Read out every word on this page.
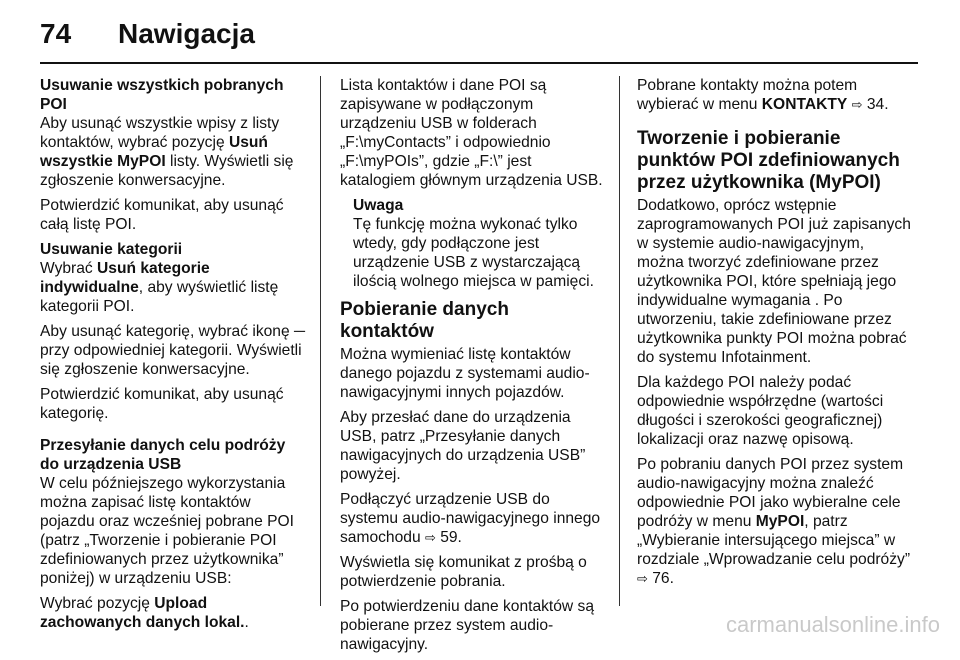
74	Nawigacja
Usuwanie wszystkich pobranych POI

Aby usunąć wszystkie wpisy z listy kontaktów, wybrać pozycję Usuń wszystkie MyPOI listy. Wyświetli się zgłoszenie konwersacyjne.

Potwierdzić komunikat, aby usunąć całą listę POI.

Usuwanie kategorii

Wybrać Usuń kategorie indywidualne, aby wyświetlić listę kategorii POI.

Aby usunąć kategorię, wybrać ikonę ─ przy odpowiedniej kategorii. Wyświetli się zgłoszenie konwersacyjne.

Potwierdzić komunikat, aby usunąć kategorię.

Przesyłanie danych celu podróży do urządzenia USB

W celu późniejszego wykorzystania można zapisać listę kontaktów pojazdu oraz wcześniej pobrane POI (patrz „Tworzenie i pobieranie POI zdefiniowanych przez użytkownika” poniżej) w urządzeniu USB:

Wybrać pozycję Upload zachowanych danych lokal..

Lista kontaktów i dane POI są zapisywane w podłączonym urządzeniu USB w folderach „F:\myContacts” i odpowiednio „F:\myPOIs”, gdzie „F:\” jest katalogiem głównym urządzenia USB.

Uwaga
Tę funkcję można wykonać tylko wtedy, gdy podłączone jest urządzenie USB z wystarczającą ilością wolnego miejsca w pamięci.
Pobieranie danych kontaktów

Można wymieniać listę kontaktów danego pojazdu z systemami audio-nawigacyjnymi innych pojazdów.

Aby przesłać dane do urządzenia USB, patrz „Przesyłanie danych nawigacyjnych do urządzenia USB” powyżej.

Podłączyć urządzenie USB do systemu audio-nawigacyjnego innego samochodu ⇨ 59.

Wyświetla się komunikat z prośbą o potwierdzenie pobrania.

Po potwierdzeniu dane kontaktów są pobierane przez system audio-nawigacyjny.

Pobrane kontakty można potem wybierać w menu KONTAKTY ⇨ 34.

Tworzenie i pobieranie punktów POI zdefiniowanych przez użytkownika (MyPOI)

Dodatkowo, oprócz wstępnie zaprogramowanych POI już zapisanych w systemie audio-nawigacyjnym, można tworzyć zdefiniowane przez użytkownika POI, które spełniają jego indywidualne wymagania . Po utworzeniu, takie zdefiniowane przez użytkownika punkty POI można pobrać do systemu Infotainment.

Dla każdego POI należy podać odpowiednie współrzędne (wartości długości i szerokości geograficznej) lokalizacji oraz nazwę opisową.

Po pobraniu danych POI przez system audio-nawigacyjny można znaleźć odpowiednie POI jako wybieralne cele podróży w menu MyPOI, patrz „Wybieranie intersującego miejsca” w rozdziale „Wprowadzanie celu podróży”
⇨ 76.

carmanualsonline.info
